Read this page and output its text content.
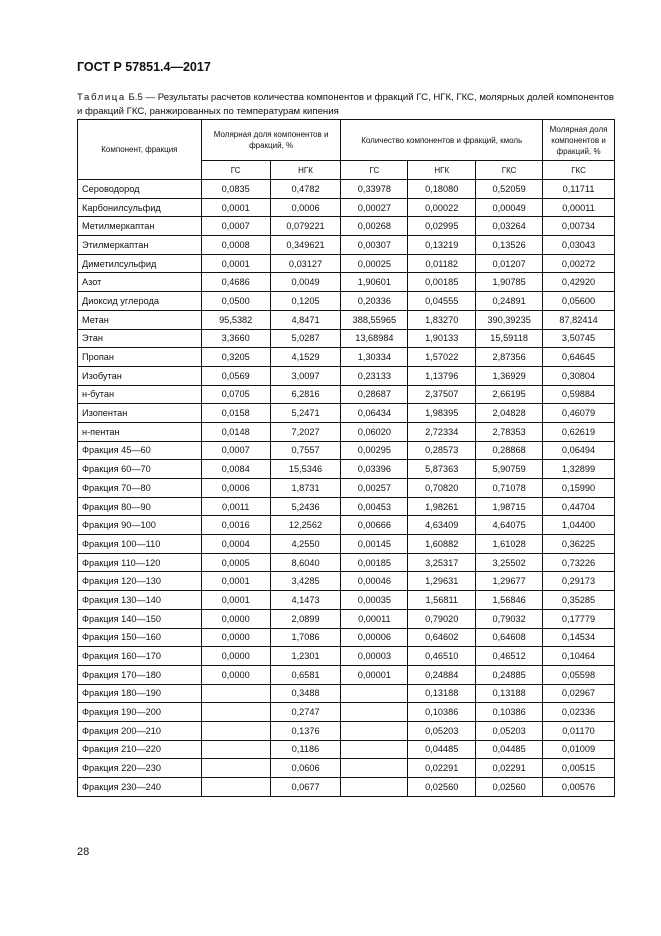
ГОСТ Р 57851.4—2017
Таблица Б.5 — Результаты расчетов количества компонентов и фракций ГС, НГК, ГКС, молярных долей компонентов и фракций ГКС, ранжированных по температурам кипения
Компонент, фракция	Молярная доля компонентов и фракций, %		Количество компонентов и фракций, кмоль			Молярная доля компонентов и фракций, %
	ГС	НГК	ГС	НГК	ГКС	ГКС
Сероводород	0,0835	0,4782	0,33978	0,18080	0,52059	0,11711
Карбонилсульфид	0,0001	0,0006	0,00027	0,00022	0,00049	0,00011
Метилмеркаптан	0,0007	0,079221	0,00268	0,02995	0,03264	0,00734
Этилмеркаптан	0,0008	0,349621	0,00307	0,13219	0,13526	0,03043
Диметилсульфид	0,0001	0,03127	0,00025	0,01182	0,01207	0,00272
Азот	0,4686	0,0049	1,90601	0,00185	1,90785	0,42920
Диоксид углерода	0,0500	0,1205	0,20336	0,04555	0,24891	0,05600
Метан	95,5382	4,8471	388,55965	1,83270	390,39235	87,82414
Этан	3,3660	5,0287	13,68984	1,90133	15,59118	3,50745
Пропан	0,3205	4,1529	1,30334	1,57022	2,87356	0,64645
Изобутан	0,0569	3,0097	0,23133	1,13796	1,36929	0,30804
н-бутан	0,0705	6,2816	0,28687	2,37507	2,66195	0,59884
Изопентан	0,0158	5,2471	0,06434	1,98395	2,04828	0,46079
н-пентан	0,0148	7,2027	0,06020	2,72334	2,78353	0,62619
Фракция 45—60	0,0007	0,7557	0,00295	0,28573	0,28868	0,06494
Фракция 60—70	0,0084	15,5346	0,03396	5,87363	5,90759	1,32899
Фракция 70—80	0,0006	1,8731	0,00257	0,70820	0,71078	0,15990
Фракция 80—90	0,0011	5,2436	0,00453	1,98261	1,98715	0,44704
Фракция 90—100	0,0016	12,2562	0,00666	4,63409	4,64075	1,04400
Фракция 100—110	0,0004	4,2550	0,00145	1,60882	1,61028	0,36225
Фракция 110—120	0,0005	8,6040	0,00185	3,25317	3,25502	0,73226
Фракция 120—130	0,0001	3,4285	0,00046	1,29631	1,29677	0,29173
Фракция 130—140	0,0001	4,1473	0,00035	1,56811	1,56846	0,35285
Фракция 140—150	0,0000	2,0899	0,00011	0,79020	0,79032	0,17779
Фракция 150—160	0,0000	1,7086	0,00006	0,64602	0,64608	0,14534
Фракция 160—170	0,0000	1,2301	0,00003	0,46510	0,46512	0,10464
Фракция 170—180	0,0000	0,6581	0,00001	0,24884	0,24885	0,05598
Фракция 180—190		0,3488		0,13188	0,13188	0,02967
Фракция 190—200		0,2747		0,10386	0,10386	0,02336
Фракция 200—210		0,1376		0,05203	0,05203	0,01170
Фракция 210—220		0,1186		0,04485	0,04485	0,01009
Фракция 220—230		0,0606		0,02291	0,02291	0,00515
Фракция 230—240		0,0677		0,02560	0,02560	0,00576
28
